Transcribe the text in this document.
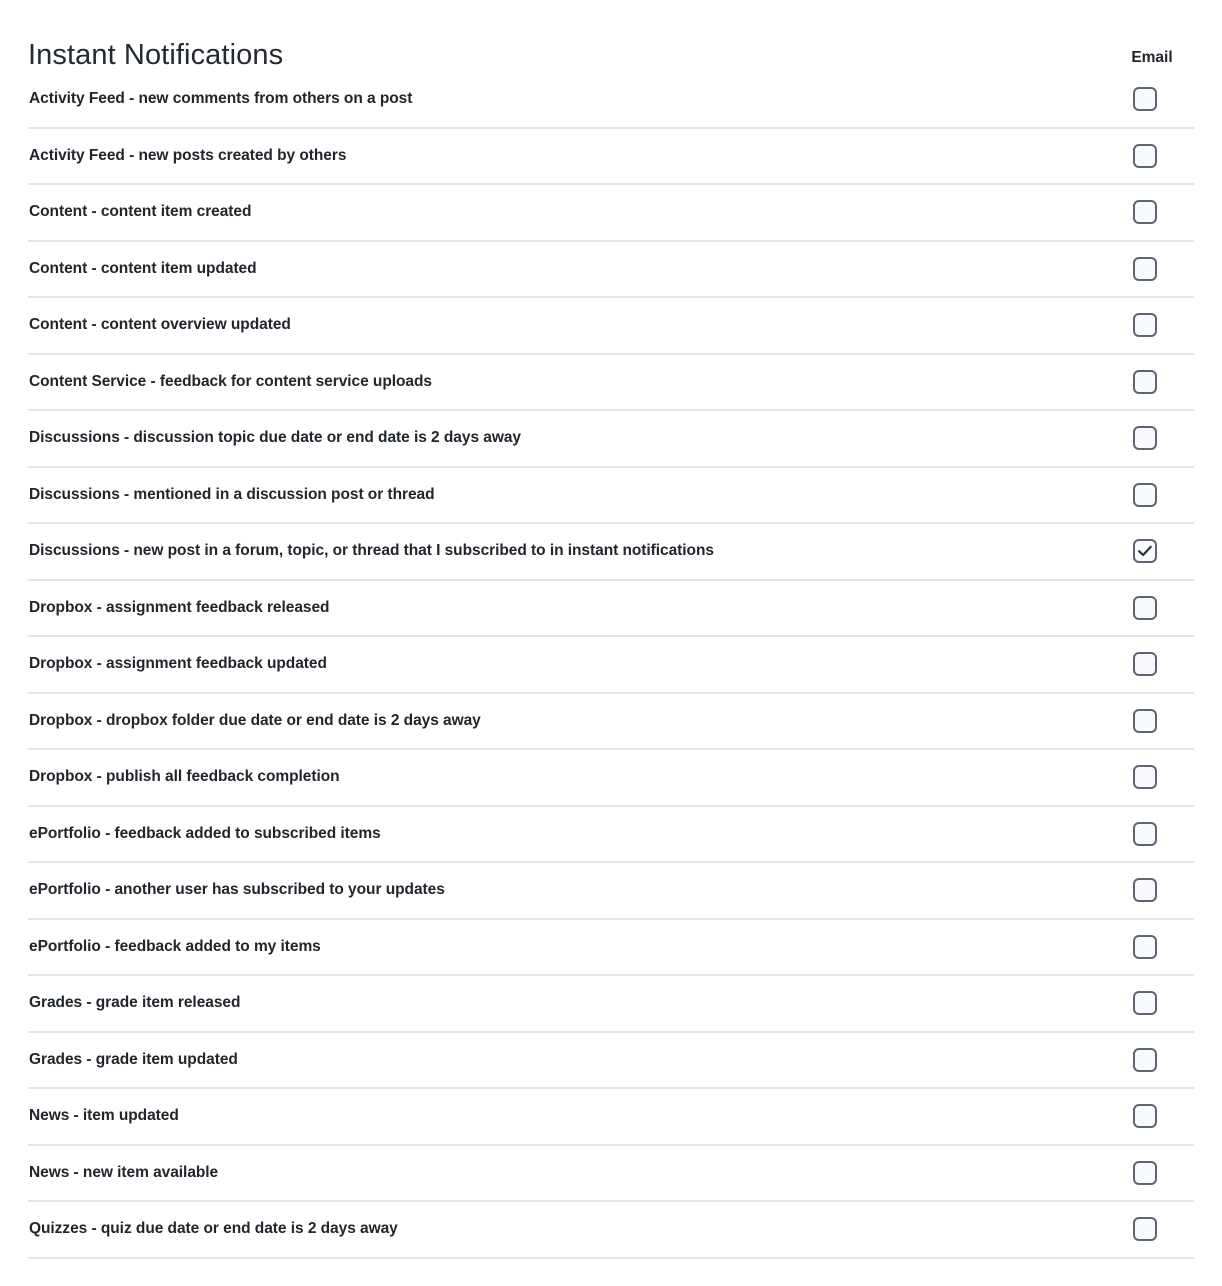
Instant Notifications	Email
Activity Feed - new comments from others on a post
Activity Feed - new posts created by others
Content - content item created
Content - content item updated
Content - content overview updated
Content Service - feedback for content service uploads
Discussions - discussion topic due date or end date is 2 days away
Discussions - mentioned in a discussion post or thread
Discussions - new post in a forum, topic, or thread that I subscribed to in instant notifications
Dropbox - assignment feedback released
Dropbox - assignment feedback updated
Dropbox - dropbox folder due date or end date is 2 days away
Dropbox - publish all feedback completion
ePortfolio - feedback added to subscribed items
ePortfolio - another user has subscribed to your updates
ePortfolio - feedback added to my items
Grades - grade item released
Grades - grade item updated
News - item updated
News - new item available
Quizzes - quiz due date or end date is 2 days away
